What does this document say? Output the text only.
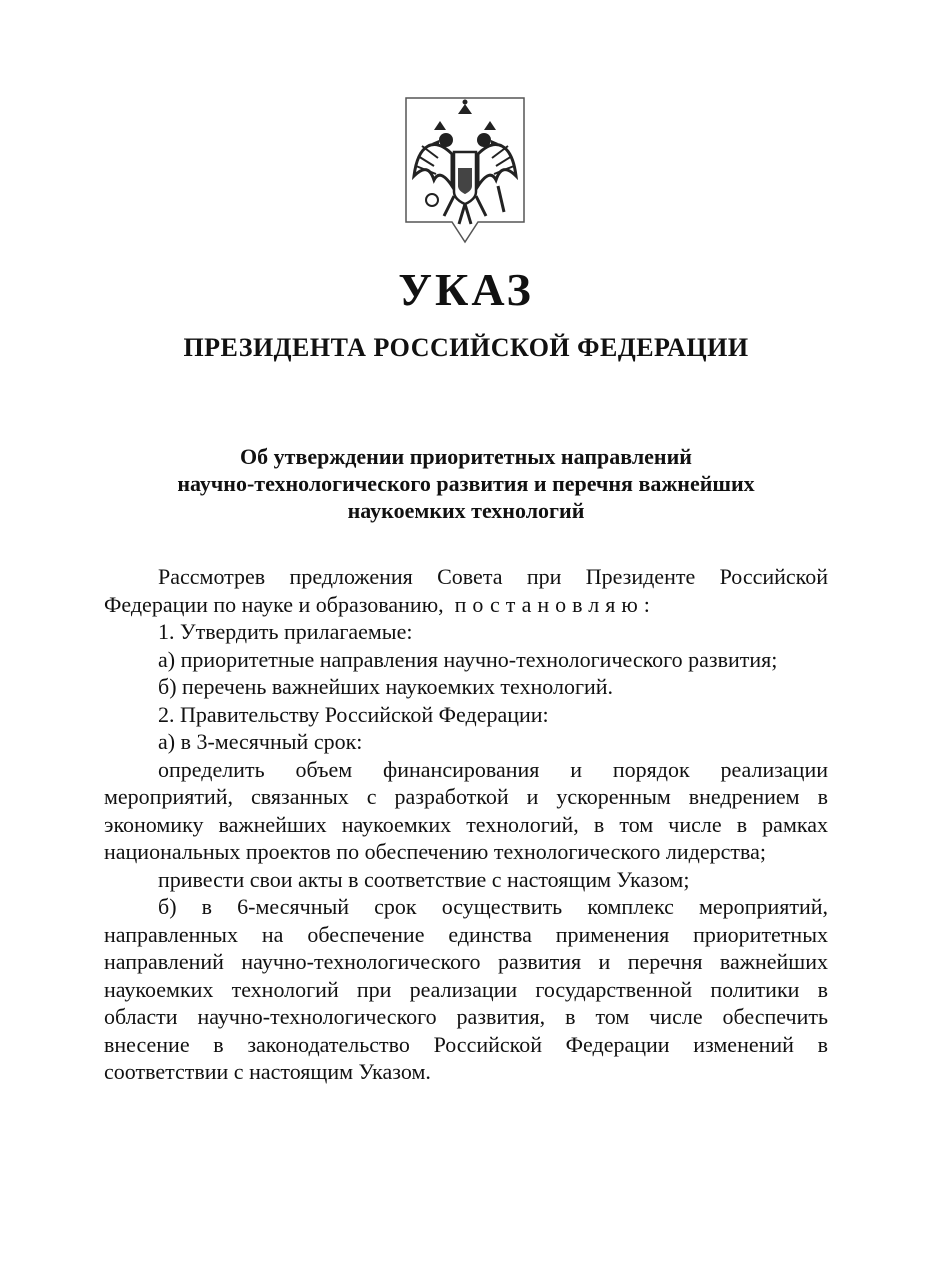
УКАЗ
ПРЕЗИДЕНТА РОССИЙСКОЙ ФЕДЕРАЦИИ
Об утверждении приоритетных направлений
научно-технологического развития и перечня важнейших
наукоемких технологий

Рассмотрев предложения Совета при Президенте Российской Федерации по науке и образованию, постановляю:

1. Утвердить прилагаемые:

а) приоритетные направления научно-технологического развития;

б) перечень важнейших наукоемких технологий.

2. Правительству Российской Федерации:

а) в 3-месячный срок:

определить объем финансирования и порядок реализации мероприятий, связанных с разработкой и ускоренным внедрением в экономику важнейших наукоемких технологий, в том числе в рамках национальных проектов по обеспечению технологического лидерства;

привести свои акты в соответствие с настоящим Указом;

б) в 6-месячный срок осуществить комплекс мероприятий, направленных на обеспечение единства применения приоритетных направлений научно-технологического развития и перечня важнейших наукоемких технологий при реализации государственной политики в области научно-технологического развития, в том числе обеспечить внесение в законодательство Российской Федерации изменений в соответствии с настоящим Указом.
